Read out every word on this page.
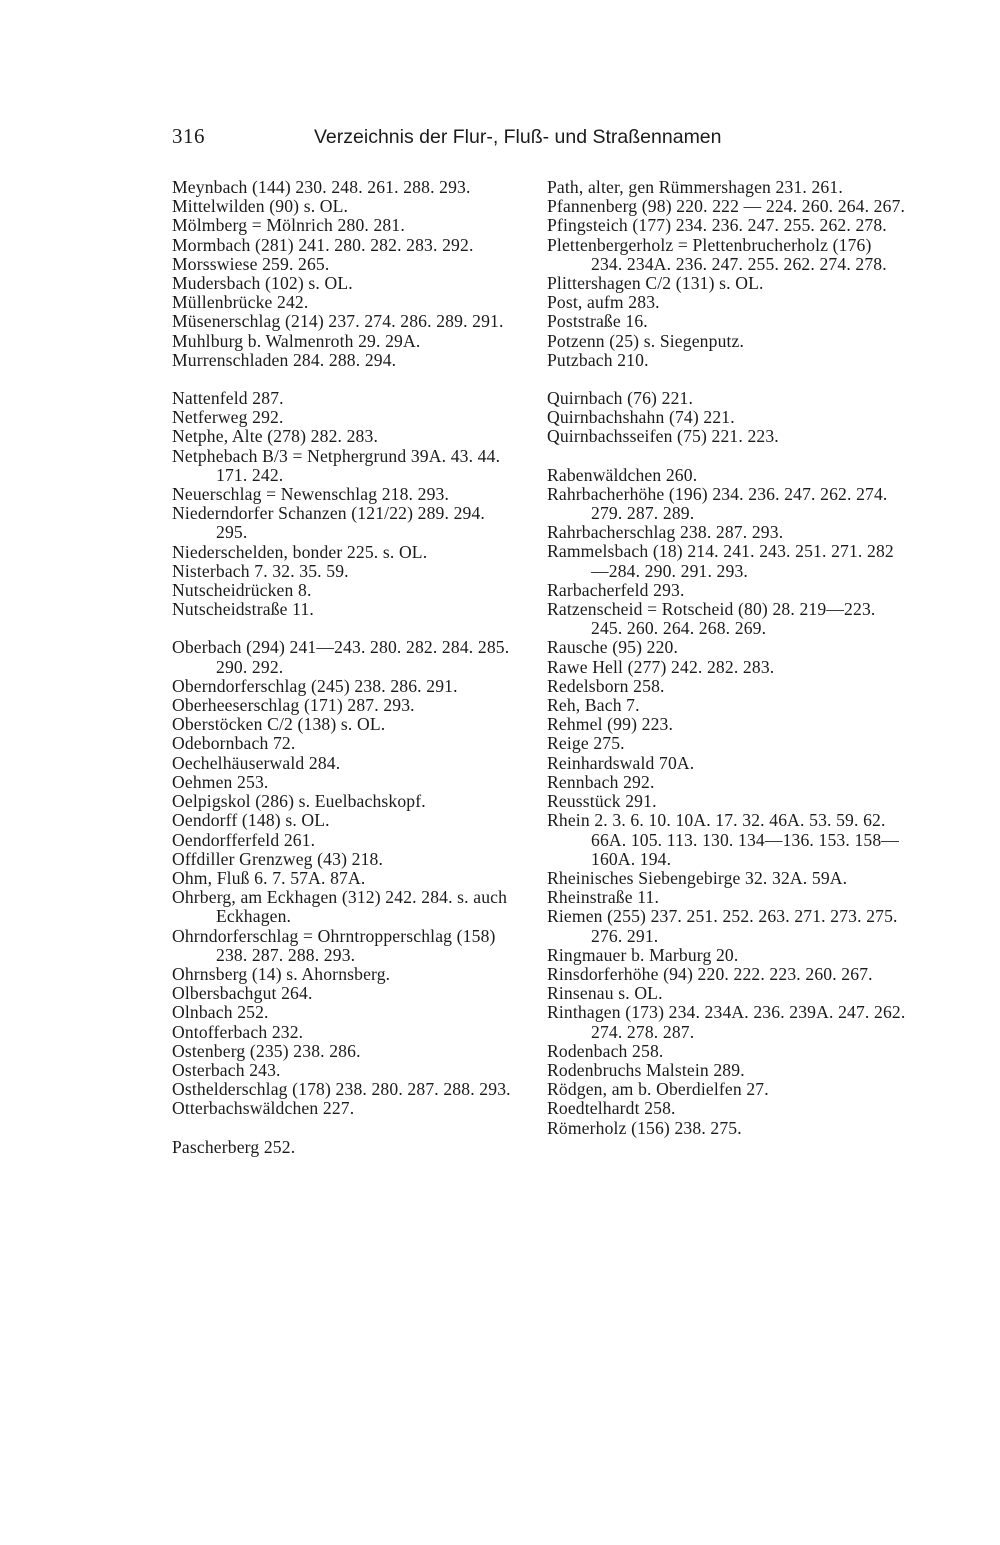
316	Verzeichnis der Flur-, Fluß- und Straßennamen
Meynbach (144) 230. 248. 261. 288. 293.
Mittelwilden (90) s. OL.
Mölmberg = Mölnrich 280. 281.
Mormbach (281) 241. 280. 282. 283. 292.
Morsswiese 259. 265.
Mudersbach (102) s. OL.
Müllenbrücke 242.
Müsenerschlag (214) 237. 274. 286. 289. 291.
Muhlburg b. Walmenroth 29. 29A.
Murrenschladen 284. 288. 294.
Nattenfeld 287.
Netferweg 292.
Netphe, Alte (278) 282. 283.
Netphebach B/3 = Netphergrund 39A. 43. 44. 171. 242.
Neuerschlag = Newenschlag 218. 293.
Niederndorfer Schanzen (121/22) 289. 294. 295.
Niederschelden, bonder 225. s. OL.
Nisterbach 7. 32. 35. 59.
Nutscheidrücken 8.
Nutscheidstraße 11.
Oberbach (294) 241—243. 280. 282. 284. 285. 290. 292.
Oberndorferschlag (245) 238. 286. 291.
Oberheeserschlag (171) 287. 293.
Oberstöcken C/2 (138) s. OL.
Odebornbach 72.
Oechelhäuserwald 284.
Oehmen 253.
Oelpigskol (286) s. Euelbachskopf.
Oendorff (148) s. OL.
Oendorfferfeld 261.
Offdiller Grenzweg (43) 218.
Ohm, Fluß 6. 7. 57A. 87A.
Ohrberg, am Eckhagen (312) 242. 284. s. auch Eckhagen.
Ohrndorferschlag = Ohrntropperschlag (158) 238. 287. 288. 293.
Ohrnsberg (14) s. Ahornsberg.
Olbersbachgut 264.
Olnbach 252.
Ontofferbach 232.
Ostenberg (235) 238. 286.
Osterbach 243.
Osthelderschlag (178) 238. 280. 287. 288. 293.
Otterbachswäldchen 227.
Pascherberg 252.
Path, alter, gen Rümmershagen 231. 261.
Pfannenberg (98) 220. 222 — 224. 260. 264. 267.
Pfingsteich (177) 234. 236. 247. 255. 262. 278.
Plettenbergerholz = Plettenbrucherholz (176) 234. 234A. 236. 247. 255. 262. 274. 278.
Plittershagen C/2 (131) s. OL.
Post, aufm 283.
Poststraße 16.
Potzenn (25) s. Siegenputz.
Putzbach 210.
Quirnbach (76) 221.
Quirnbachshahn (74) 221.
Quirnbachsseifen (75) 221. 223.
Rabenwäldchen 260.
Rahrbacherhöhe (196) 234. 236. 247. 262. 274. 279. 287. 289.
Rahrbacherschlag 238. 287. 293.
Rammelsbach (18) 214. 241. 243. 251. 271. 282—284. 290. 291. 293.
Rarbacherfeld 293.
Ratzenscheid = Rotscheid (80) 28. 219—223. 245. 260. 264. 268. 269.
Rausche (95) 220.
Rawe Hell (277) 242. 282. 283.
Redelsborn 258.
Reh, Bach 7.
Rehmel (99) 223.
Reige 275.
Reinhardswald 70A.
Rennbach 292.
Reusstück 291.
Rhein 2. 3. 6. 10. 10A. 17. 32. 46A. 53. 59. 62. 66A. 105. 113. 130. 134—136. 153. 158—160A. 194.
Rheinisches Siebengebirge 32. 32A. 59A.
Rheinstraße 11.
Riemen (255) 237. 251. 252. 263. 271. 273. 275. 276. 291.
Ringmauer b. Marburg 20.
Rinsdorferhöhe (94) 220. 222. 223. 260. 267.
Rinsenau s. OL.
Rinthagen (173) 234. 234A. 236. 239A. 247. 262. 274. 278. 287.
Rodenbach 258.
Rodenbruchs Malstein 289.
Rödgen, am b. Oberdielfen 27.
Roedtelhardt 258.
Römerholz (156) 238. 275.
